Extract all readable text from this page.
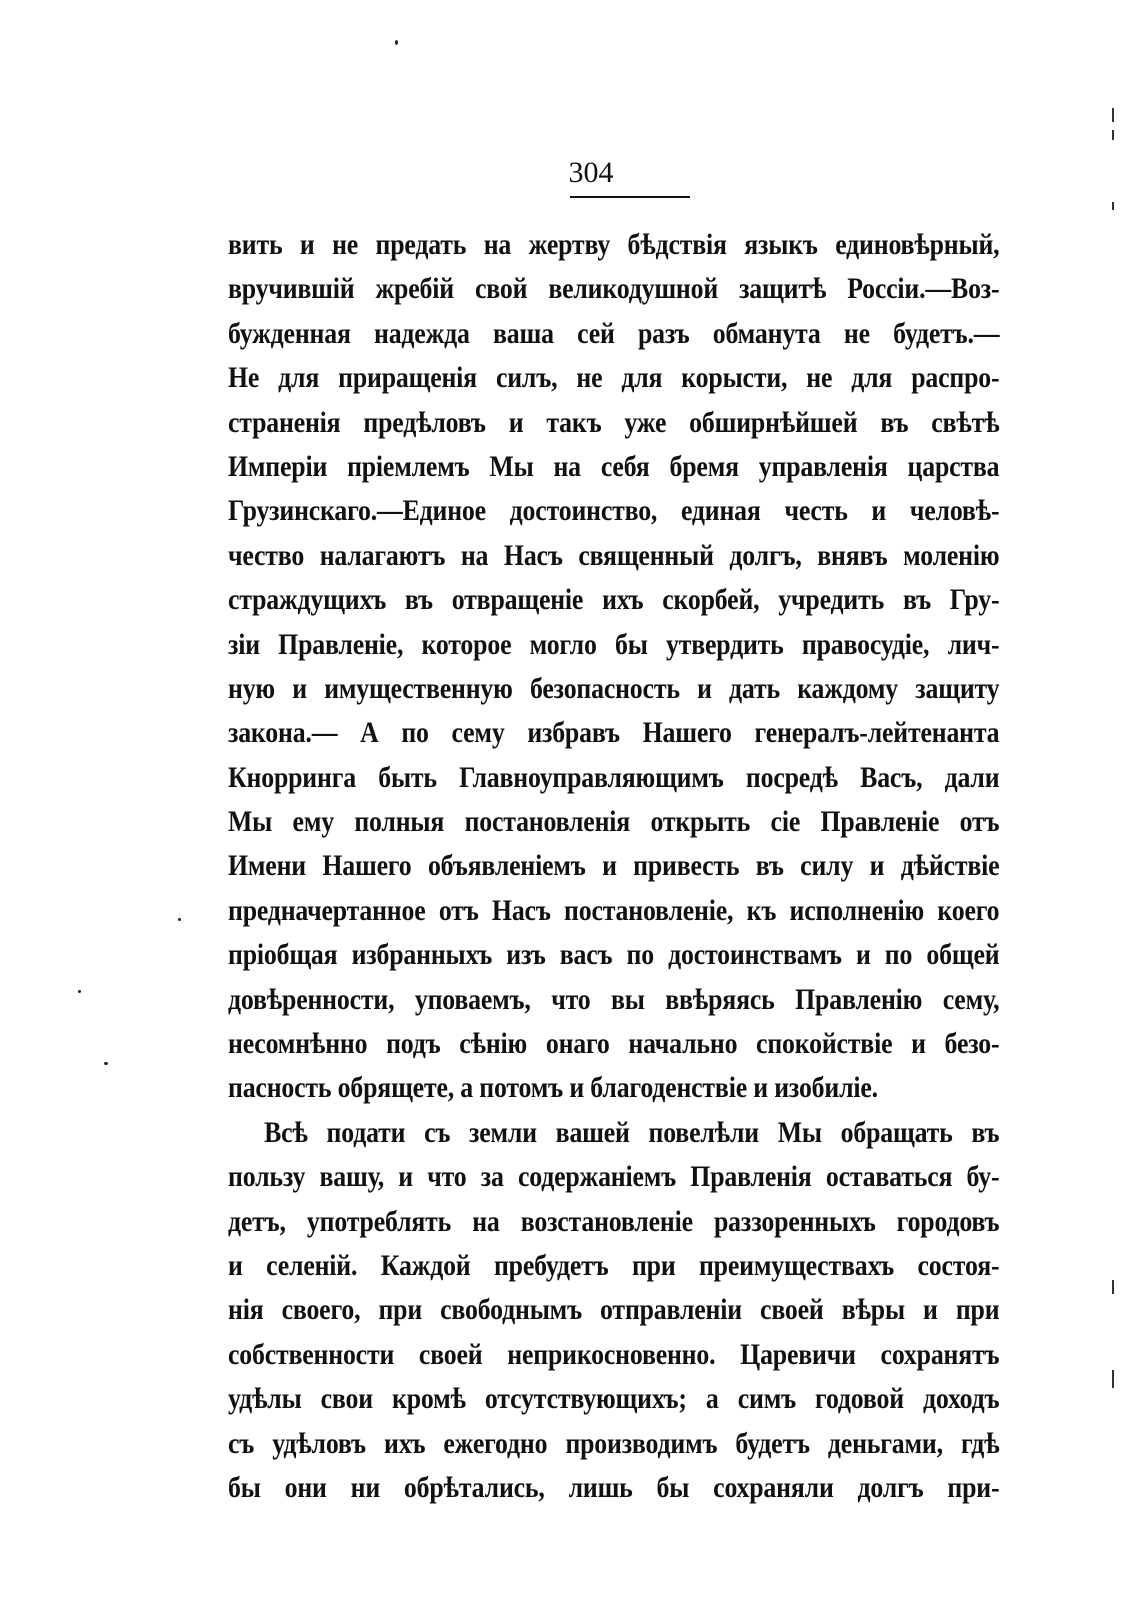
304
вить и не предать на жертву бѣдствія языкъ единовѣрный,
вручившій жребій свой великодушной защитѣ Россіи.—Воз-
бужденная надежда ваша сей разъ обманута не будетъ.—
Не для приращенія силъ, не для корысти, не для распро-
страненія предѣловъ и такъ уже обширнѣйшей въ свѣтѣ
Имперіи пріемлемъ Мы на себя бремя управленія царства
Грузинскаго.—Единое достоинство, единая честь и человѣ-
чество налагаютъ на Насъ священный долгъ, внявъ моленію
страждущихъ въ отвращеніе ихъ скорбей, учредить въ Гру-
зіи Правленіе, которое могло бы утвердить правосудіе, лич-
ную и имущественную безопасность и дать каждому защиту
закона.— А по сему избравъ Нашего генералъ-лейтенанта
Кнорринга быть Главноуправляющимъ посредѣ Васъ, дали
Мы ему полныя постановленія открыть сіе Правленіе отъ
Имени Нашего объявленіемъ и привесть въ силу и дѣйствіе
предначертанное отъ Насъ постановленіе, къ исполненію коего
пріобщая избранныхъ изъ васъ по достоинствамъ и по общей
довѣренности, уповаемъ, что вы ввѣряясь Правленію сему,
несомнѣнно подъ сѣнію онаго начально спокойствіе и безо-
пасность обрящете, а потомъ и благоденствіе и изобиліе.
Всѣ подати съ земли вашей повелѣли Мы обращать въ
пользу вашу, и что за содержаніемъ Правленія оставаться бу-
детъ, употреблять на возстановленіе раззоренныхъ городовъ
и селеній. Каждой пребудетъ при преимуществахъ состоя-
нія своего, при свободнымъ отправленіи своей вѣры и при
собственности своей неприкосновенно. Царевичи сохранятъ
удѣлы свои кромѣ отсутствующихъ; а симъ годовой доходъ
съ удѣловъ ихъ ежегодно производимъ будетъ деньгами, гдѣ
бы они ни обрѣтались, лишь бы сохраняли долгъ при-
